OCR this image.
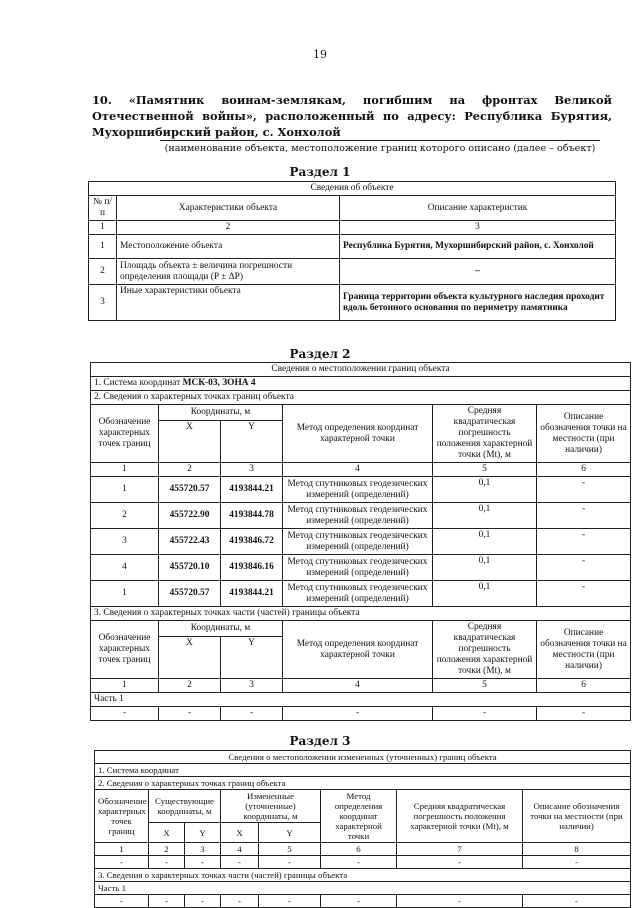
19
10. «Памятник воинам-землякам, погибшим на фронтах Великой Отечественной войны», расположенный по адресу: Республика Бурятия, Мухоршибирский район, с. Хонхолой
(наименование объекта, местоположение границ которого описано (далее – объект)
Раздел 1
Сведения об объекте		
№ п/п	Характеристики объекта	Описание характеристик
1	2	3
1	Местоположение объекта	Республика Бурятия, Мухоршибирский район, с. Хонхолой
2	Площадь объекта ± величина погрешности определения площади (P ± ΔP)	–
3	Иные характеристики объекта	Граница территории объекта культурного наследия проходит вдоль бетонного основания по периметру памятника
Раздел 2
Сведения о местоположении границ объекта					
1. Система координат МСК-03, ЗОНА 4					
2. Сведения о характерных точках границ объекта					
Обозначение характерных точек границ	Координаты, м		Метод определения координат характерной точки	Средняя квадратическая погрешность положения характерной точки (Мt), м	Описание обозначения точки на местности (при наличии)
	X	Y			
1	2	3	4	5	6
1	455720.57	4193844.21	Метод спутниковых геодезических измерений (определений)	0,1	-
2	455722.90	4193844.78	Метод спутниковых геодезических измерений (определений)	0,1	-
3	455722.43	4193846.72	Метод спутниковых геодезических измерений (определений)	0,1	-
4	455720.10	4193846.16	Метод спутниковых геодезических измерений (определений)	0,1	-
1	455720.57	4193844.21	Метод спутниковых геодезических измерений (определений)	0,1	-
3. Сведения о характерных точках части (частей) границы объекта					
Обозначение характерных точек границ	Координаты, м		Метод определения координат характерной точки	Средняя квадратическая погрешность положения характерной точки (Мt), м	Описание обозначения точки на местности (при наличии)
	X	Y			
1	2	3	4	5	6
Часть 1					
-	-	-	-	-	-
Раздел 3
Сведения о местоположении измененных (уточненных) границ объекта							
1. Система координат							
2. Сведения о характерных точках границ объекта							
Обозначение характерных точек границ	Существующие координаты, м		Измененные (уточненные) координаты, м		Метод определения координат характерной точки	Средняя квадратическая погрешность положения характерной точки (Мt), м	Описание обозначения точки на местности (при наличии)
	X	Y	X	Y			
1	2	3	4	5	6	7	8
-	-	-	-	-	-	-	-
3. Сведения о характерных точках части (частей) границы объекта							
Часть 1							
-	-	-	-	-	-	-	-
